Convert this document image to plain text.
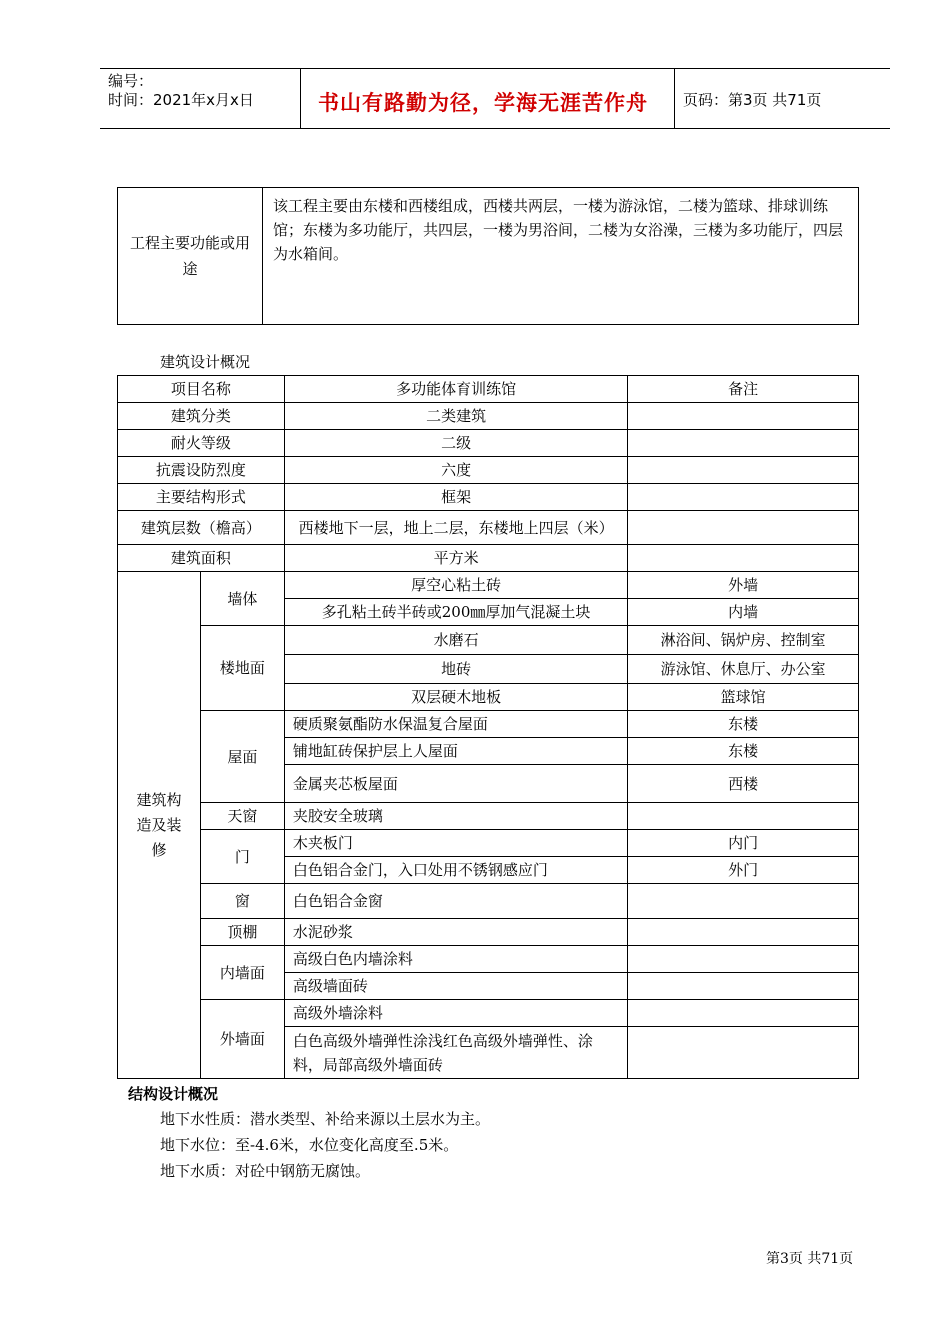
编号：
时间：2021年x月x日	书山有路勤为径，学海无涯苦作舟 页码：第3页 共71页
工程主要功能或用途	该工程主要由东楼和西楼组成，西楼共两层，一楼为游泳馆，二楼为篮球、排球训练馆；东楼为多功能厅，共四层，一楼为男浴间，二楼为女浴澡，三楼为多功能厅，四层为水箱间。
建筑设计概况
项目名称		多功能体育训练馆	备注
建筑分类		二类建筑	
耐火等级		二级	
抗震设防烈度		六度	
主要结构形式		框架	
建筑层数（檐高）		西楼地下一层，地上二层，东楼地上四层（米）	
建筑面积		平方米	
建筑构造及装修	墙体	厚空心粘土砖	外墙
		多孔粘土砖半砖或200㎜厚加气混凝土块	内墙
	楼地面	水磨石	淋浴间、锅炉房、控制室
		地砖	游泳馆、休息厅、办公室
		双层硬木地板	篮球馆
	屋面	硬质聚氨酯防水保温复合屋面	东楼
		铺地缸砖保护层上人屋面	东楼
		金属夹芯板屋面	西楼
	天窗	夹胶安全玻璃	
	门	木夹板门	内门
		白色铝合金门，入口处用不锈钢感应门	外门
	窗	白色铝合金窗	
	顶棚	水泥砂浆	
	内墙面	高级白色内墙涂料	
		高级墙面砖	
	外墙面	高级外墙涂料	
		白色高级外墙弹性涂浅红色高级外墙弹性、涂料，局部高级外墙面砖	
结构设计概况
地下水性质：潜水类型、补给来源以土层水为主。
地下水位：至-4.6米，水位变化高度至.5米。
地下水质：对砼中钢筋无腐蚀。
第3页 共71页
